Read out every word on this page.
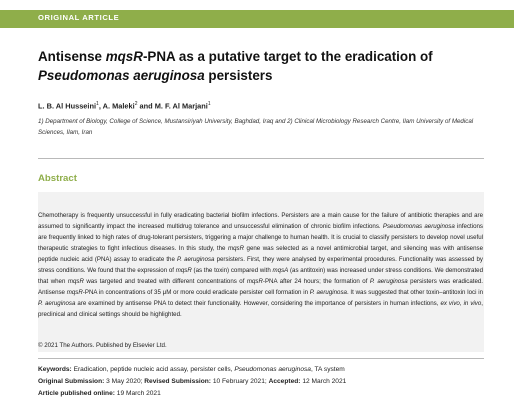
ORIGINAL ARTICLE
Antisense mqsR-PNA as a putative target to the eradication of Pseudomonas aeruginosa persisters
L. B. Al Husseini$^1$, A. Maleki$^2$ and M. F. Al Marjani$^1$
1) Department of Biology, College of Science, Mustansiriyah University, Baghdad, Iraq and 2) Clinical Microbiology Research Centre, Ilam University of Medical Sciences, Ilam, Iran
Abstract
Chemotherapy is frequently unsuccessful in fully eradicating bacterial biofilm infections. Persisters are a main cause for the failure of antibiotic therapies and are assumed to significantly impact the increased multidrug tolerance and unsuccessful elimination of chronic biofilm infections. Pseudomonas aeruginosa infections are frequently linked to high rates of drug-tolerant persisters, triggering a major challenge to human health. It is crucial to classify persisters to develop novel useful therapeutic strategies to fight infectious diseases. In this study, the mqsR gene was selected as a novel antimicrobial target, and silencing was with antisense peptide nucleic acid (PNA) assay to eradicate the P. aeruginosa persisters. First, they were analysed by experimental procedures. Functionality was assessed by stress conditions. We found that the expression of mqsR (as the toxin) compared with mqsA (as antitoxin) was increased under stress conditions. We demonstrated that when mqsR was targeted and treated with different concentrations of mqsR-PNA after 24 hours; the formation of P. aeruginosa persisters was eradicated. Antisense mqsR-PNA in concentrations of 35 μM or more could eradicate persister cell formation in P. aeruginosa. It was suggested that other toxin–antitoxin loci in P. aeruginosa are examined by antisense PNA to detect their functionality. However, considering the importance of persisters in human infections, ex vivo, in vivo, preclinical and clinical settings should be highlighted.
© 2021 The Authors. Published by Elsevier Ltd.
Keywords: Eradication, peptide nucleic acid assay, persister cells, Pseudomonas aeruginosa, TA system
Original Submission: 3 May 2020; Revised Submission: 10 February 2021; Accepted: 12 March 2021
Article published online: 19 March 2021
